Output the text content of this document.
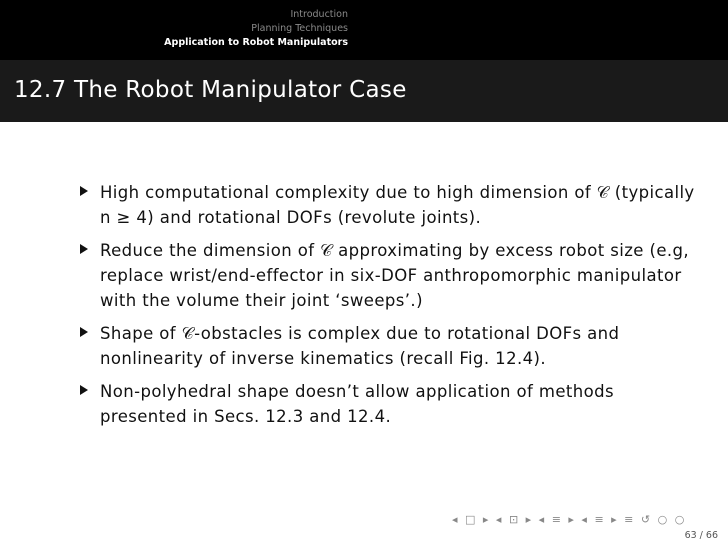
Introduction
Planning Techniques
Application to Robot Manipulators
12.7 The Robot Manipulator Case
High computational complexity due to high dimension of 𝒞 (typically n ≥ 4) and rotational DOFs (revolute joints).
Reduce the dimension of 𝒞 approximating by excess robot size (e.g, replace wrist/end-effector in six-DOF anthropomorphic manipulator with the volume their joint ‘sweeps’.)
Shape of 𝒞-obstacles is complex due to rotational DOFs and nonlinearity of inverse kinematics (recall Fig. 12.4).
Non-polyhedral shape doesn’t allow application of methods presented in Secs. 12.3 and 12.4.
◂ □ ▸ ◂ ⊡ ▸ ◂ ≡ ▸ ◂ ≡ ▸ ≡ ↺ ○ ○
63 / 66
